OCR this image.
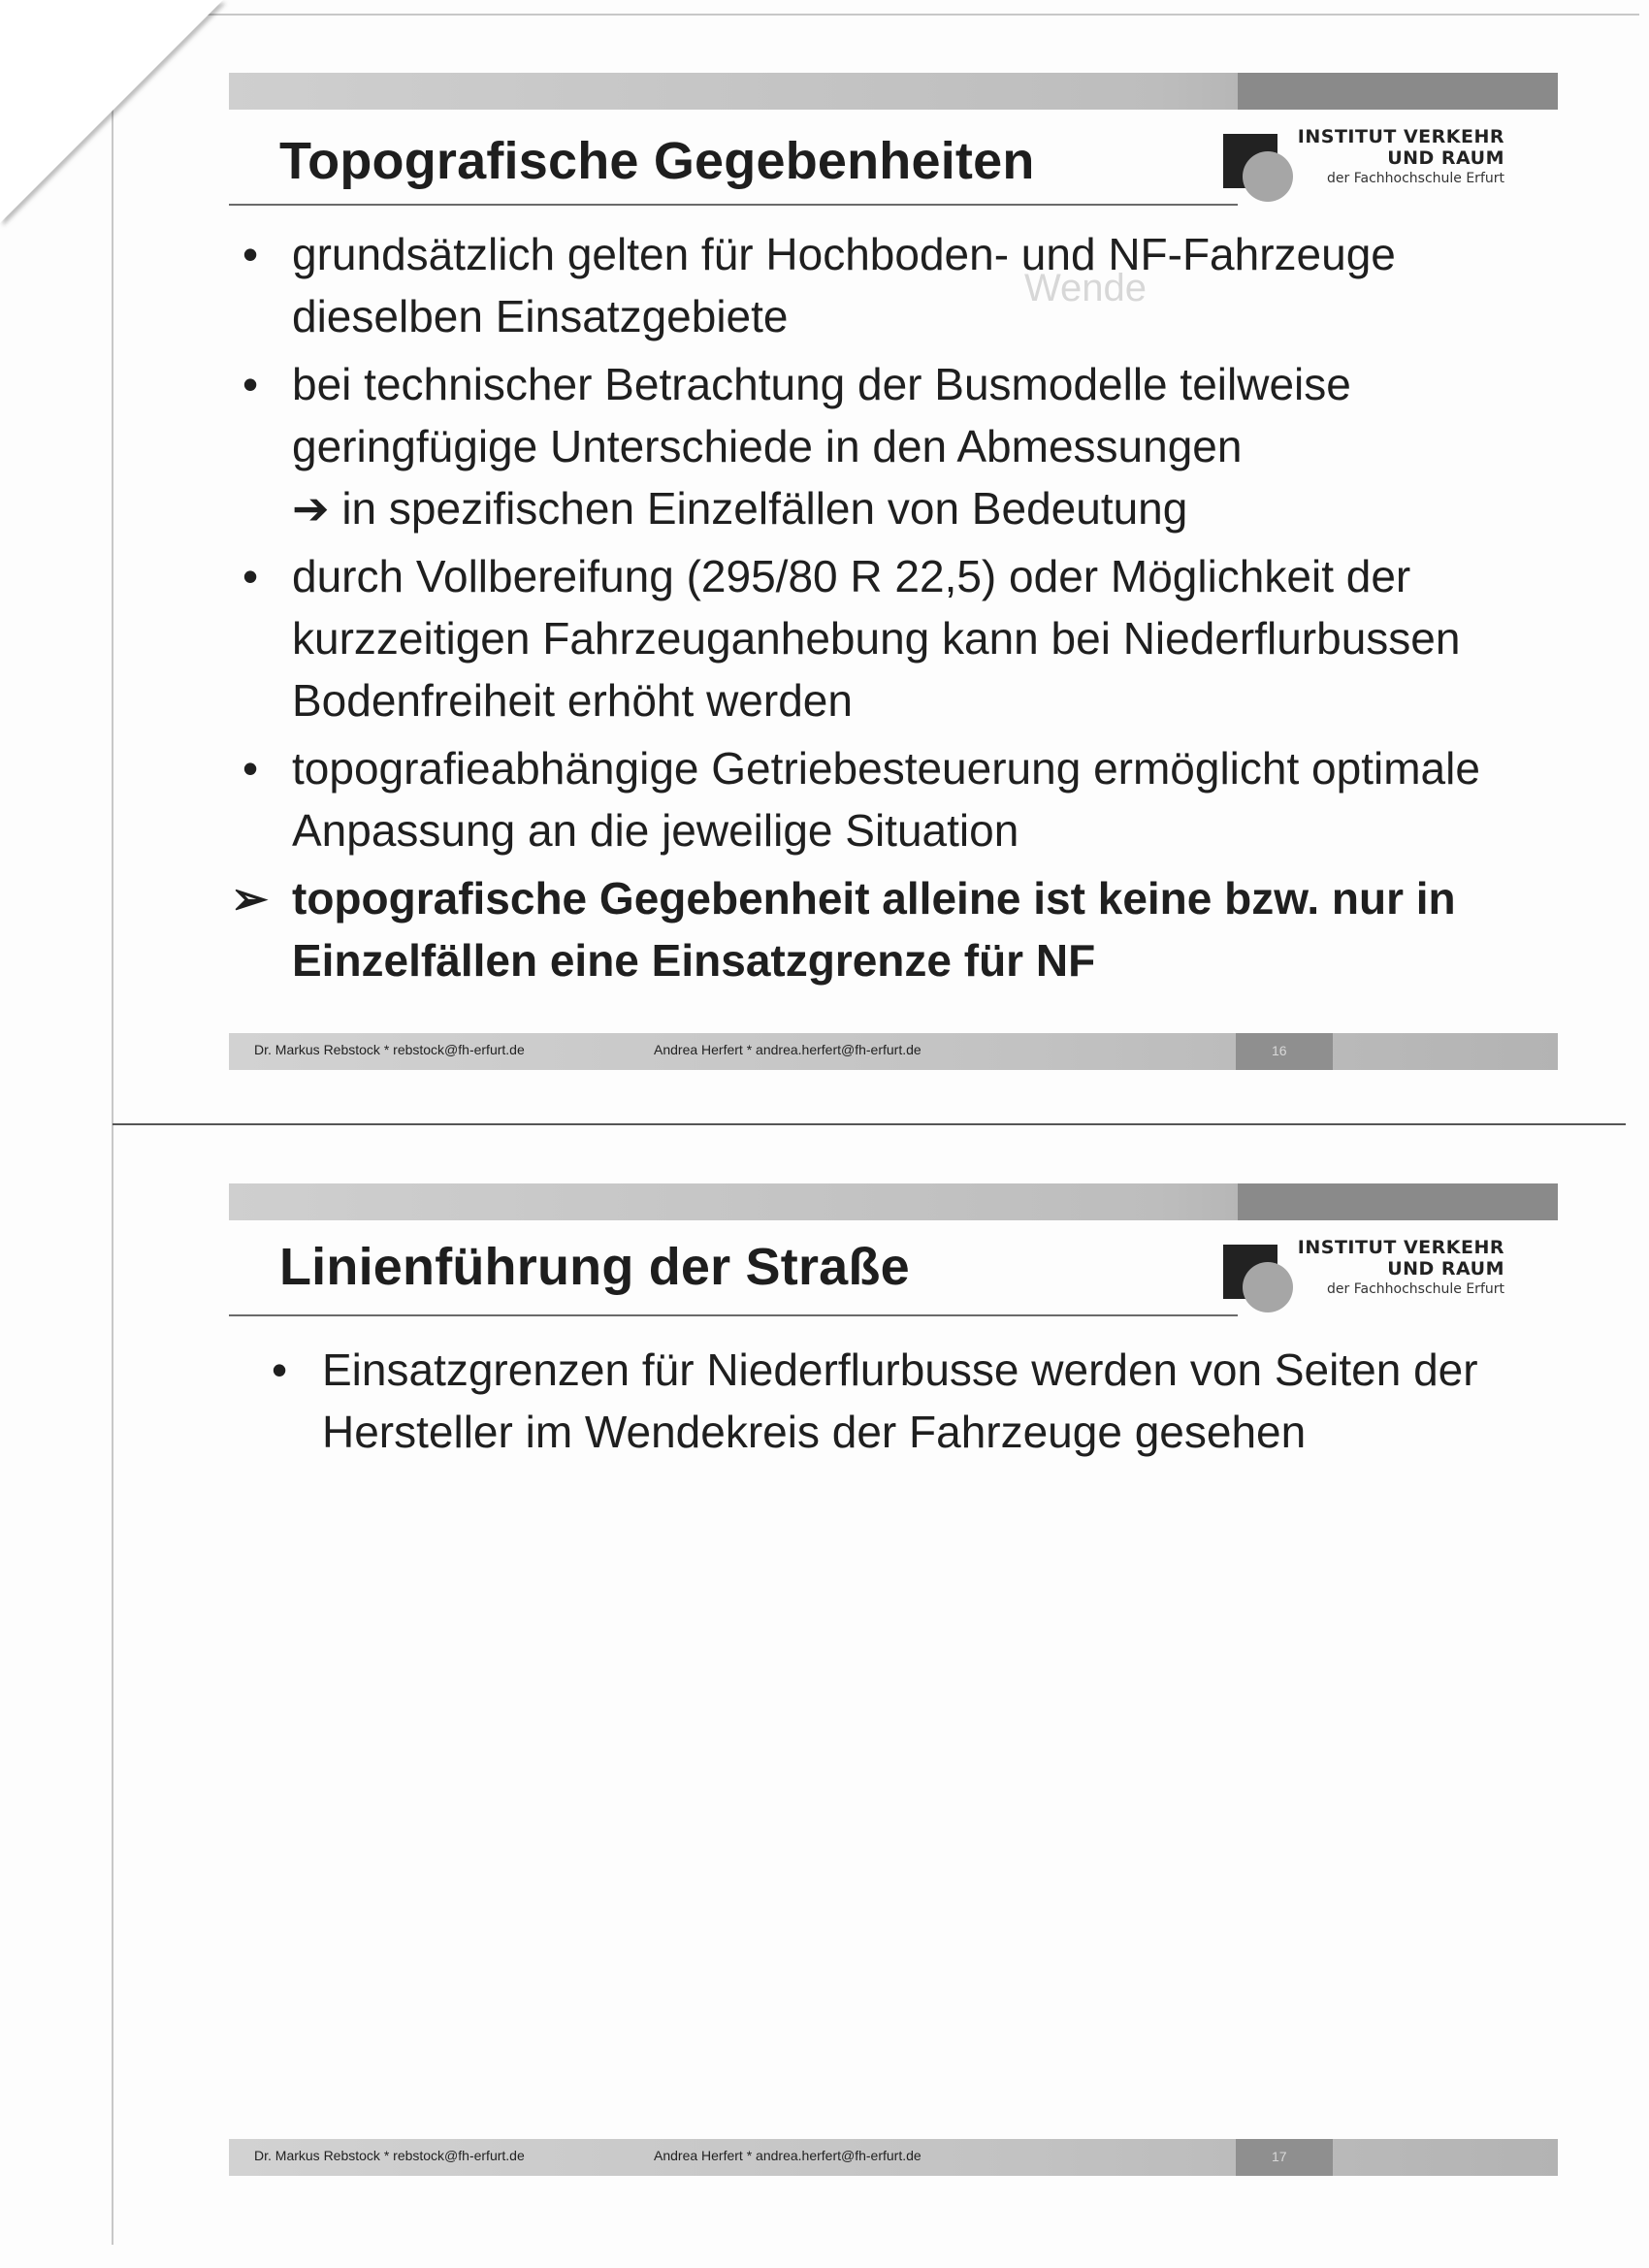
Wende
Topografische Gegebenheiten	INSTITUT VERKEHR
UND RAUM
der Fachhochschule Erfurt
• grundsätzlich gelten für Hochboden- und NF-Fahrzeuge dieselben Einsatzgebiete
• bei technischer Betrachtung der Busmodelle teilweise geringfügige Unterschiede in den Abmessungen
➔ in spezifischen Einzelfällen von Bedeutung
• durch Vollbereifung (295/80 R 22,5) oder Möglichkeit der kurzzeitigen Fahrzeuganhebung kann bei Niederflurbussen Bodenfreiheit erhöht werden
• topografieabhängige Getriebesteuerung ermöglicht optimale Anpassung an die jeweilige Situation
➢ topografische Gegebenheit alleine ist keine bzw. nur in Einzelfällen eine Einsatzgrenze für NF
Dr. Markus Rebstock * rebstock@fh-erfurt.de	Andrea Herfert * andrea.herfert@fh-erfurt.de	16
Linienführung der Straße	INSTITUT VERKEHR
UND RAUM
der Fachhochschule Erfurt
• Einsatzgrenzen für Niederflurbusse werden von Seiten der Hersteller im Wendekreis der Fahrzeuge gesehen
Dr. Markus Rebstock * rebstock@fh-erfurt.de	Andrea Herfert * andrea.herfert@fh-erfurt.de	17
